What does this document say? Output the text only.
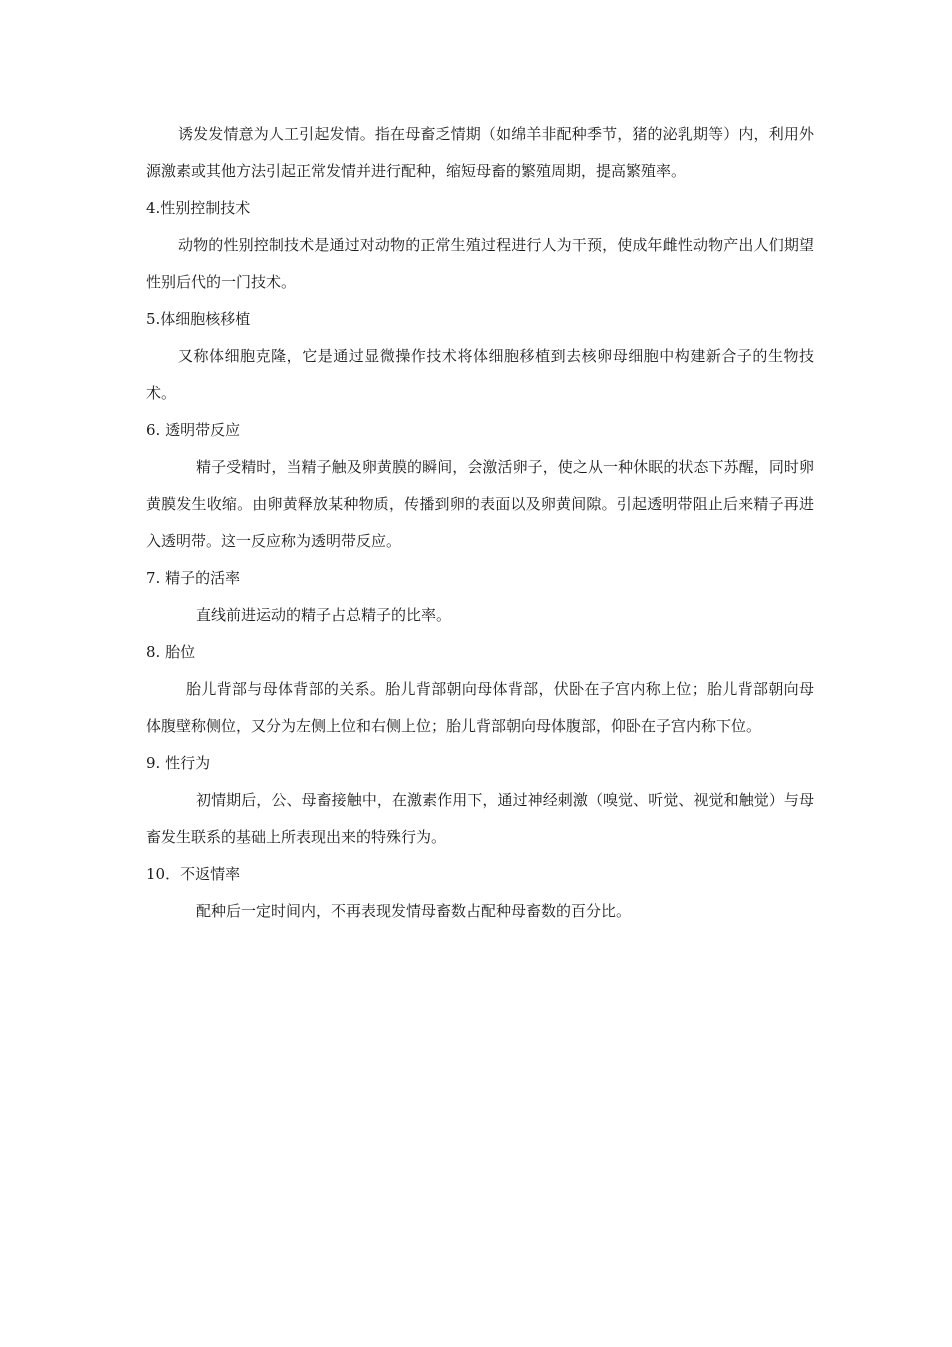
诱发发情意为人工引起发情。指在母畜乏情期（如绵羊非配种季节，猪的泌乳期等）内，利用外源激素或其他方法引起正常发情并进行配种，缩短母畜的繁殖周期，提高繁殖率。

4.性别控制技术

动物的性别控制技术是通过对动物的正常生殖过程进行人为干预，使成年雌性动物产出人们期望性别后代的一门技术。

5.体细胞核移植

又称体细胞克隆，它是通过显微操作技术将体细胞移植到去核卵母细胞中构建新合子的生物技术。

6. 透明带反应

精子受精时，当精子触及卵黄膜的瞬间，会激活卵子，使之从一种休眠的状态下苏醒，同时卵黄膜发生收缩。由卵黄释放某种物质，传播到卵的表面以及卵黄间隙。引起透明带阻止后来精子再进入透明带。这一反应称为透明带反应。

7. 精子的活率

直线前进运动的精子占总精子的比率。

8. 胎位

胎儿背部与母体背部的关系。胎儿背部朝向母体背部，伏卧在子宫内称上位；胎儿背部朝向母体腹壁称侧位，又分为左侧上位和右侧上位；胎儿背部朝向母体腹部，仰卧在子宫内称下位。

9. 性行为

初情期后，公、母畜接触中，在激素作用下，通过神经刺激（嗅觉、听觉、视觉和触觉）与母畜发生联系的基础上所表现出来的特殊行为。

10．不返情率

配种后一定时间内，不再表现发情母畜数占配种母畜数的百分比。
